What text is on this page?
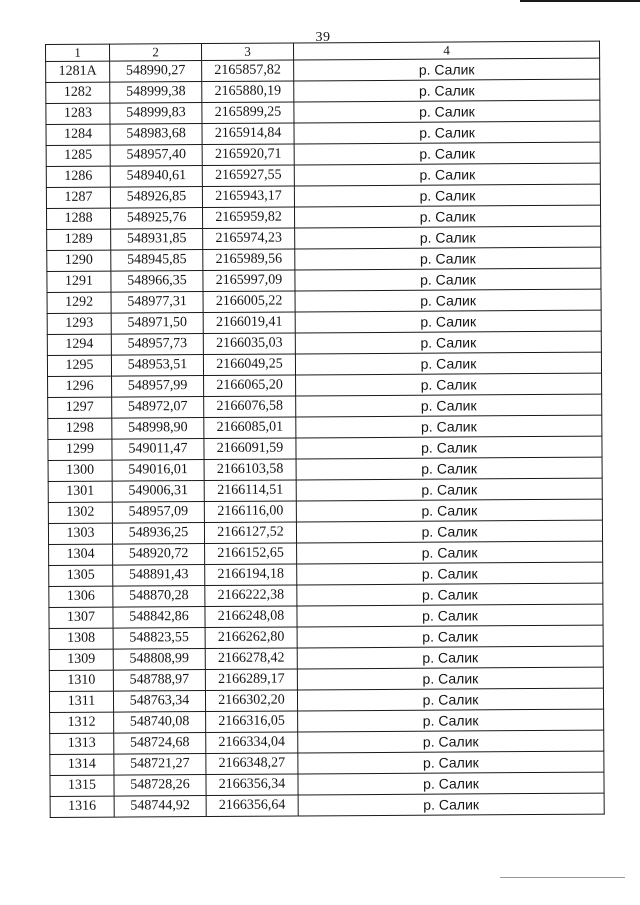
39
1	2	3	4
1281А	548990,27	2165857,82	р. Салик
1282	548999,38	2165880,19	р. Салик
1283	548999,83	2165899,25	р. Салик
1284	548983,68	2165914,84	р. Салик
1285	548957,40	2165920,71	р. Салик
1286	548940,61	2165927,55	р. Салик
1287	548926,85	2165943,17	р. Салик
1288	548925,76	2165959,82	р. Салик
1289	548931,85	2165974,23	р. Салик
1290	548945,85	2165989,56	р. Салик
1291	548966,35	2165997,09	р. Салик
1292	548977,31	2166005,22	р. Салик
1293	548971,50	2166019,41	р. Салик
1294	548957,73	2166035,03	р. Салик
1295	548953,51	2166049,25	р. Салик
1296	548957,99	2166065,20	р. Салик
1297	548972,07	2166076,58	р. Салик
1298	548998,90	2166085,01	р. Салик
1299	549011,47	2166091,59	р. Салик
1300	549016,01	2166103,58	р. Салик
1301	549006,31	2166114,51	р. Салик
1302	548957,09	2166116,00	р. Салик
1303	548936,25	2166127,52	р. Салик
1304	548920,72	2166152,65	р. Салик
1305	548891,43	2166194,18	р. Салик
1306	548870,28	2166222,38	р. Салик
1307	548842,86	2166248,08	р. Салик
1308	548823,55	2166262,80	р. Салик
1309	548808,99	2166278,42	р. Салик
1310	548788,97	2166289,17	р. Салик
1311	548763,34	2166302,20	р. Салик
1312	548740,08	2166316,05	р. Салик
1313	548724,68	2166334,04	р. Салик
1314	548721,27	2166348,27	р. Салик
1315	548728,26	2166356,34	р. Салик
1316	548744,92	2166356,64	р. Салик
